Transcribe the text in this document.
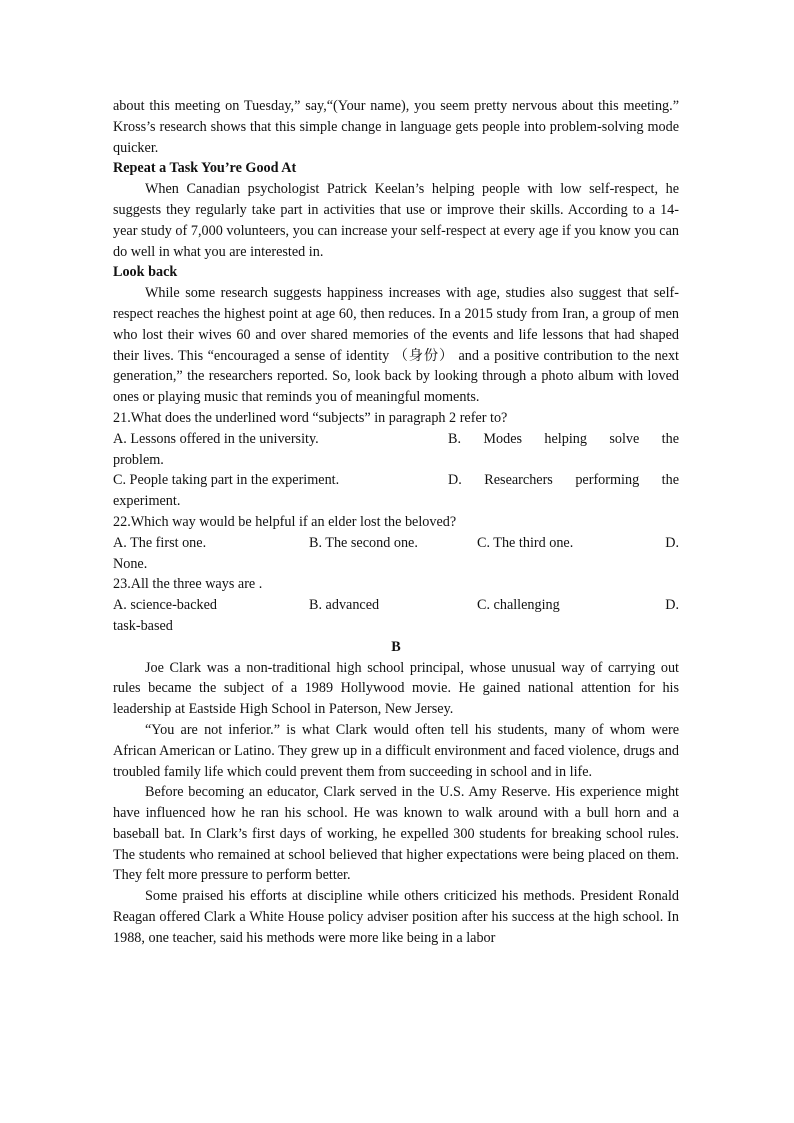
about this meeting on Tuesday,” say,“(Your name), you seem pretty nervous about this meeting.” Kross’s research shows that this simple change in language gets people into problem-solving mode quicker.

Repeat a Task You’re Good At

When Canadian psychologist Patrick Keelan’s helping people with low self-respect, he suggests they regularly take part in activities that use or improve their skills. According to a 14-year study of 7,000 volunteers, you can increase your self-respect at every age if you know you can do well in what you are interested in.

Look back

While some research suggests happiness increases with age, studies also suggest that self-respect reaches the highest point at age 60, then reduces. In a 2015 study from Iran, a group of men who lost their wives 60 and over shared memories of the events and life lessons that had shaped their lives. This “encouraged a sense of identity （身份） and a positive contribution to the next generation,” the researchers reported. So, look back by looking through a photo album with loved ones or playing music that reminds you of meaningful moments.

21.What does the underlined word “subjects” in paragraph 2 refer to?

A. Lessons offered in the university.	B. Modes helping solve the
problem.
C. People taking part in the experiment.	D. Researchers performing the
experiment.

22.Which way would be helpful if an elder lost the beloved?

A. The first one.	B. The second one.	C. The third one.	D.
None.

23.All the three ways are .

A. science-backed	B. advanced	C. challenging	D.
task-based

B

Joe Clark was a non-traditional high school principal, whose unusual way of carrying out rules became the subject of a 1989 Hollywood movie. He gained national attention for his leadership at Eastside High School in Paterson, New Jersey.

“You are not inferior.” is what Clark would often tell his students, many of whom were African American or Latino. They grew up in a difficult environment and faced violence, drugs and troubled family life which could prevent them from succeeding in school and in life.

Before becoming an educator, Clark served in the U.S. Amy Reserve. His experience might have influenced how he ran his school. He was known to walk around with a bull horn and a baseball bat. In Clark’s first days of working, he expelled 300 students for breaking school rules. The students who remained at school believed that higher expectations were being placed on them. They felt more pressure to perform better.

Some praised his efforts at discipline while others criticized his methods. President Ronald Reagan offered Clark a White House policy adviser position after his success at the high school. In 1988, one teacher, said his methods were more like being in a labor
